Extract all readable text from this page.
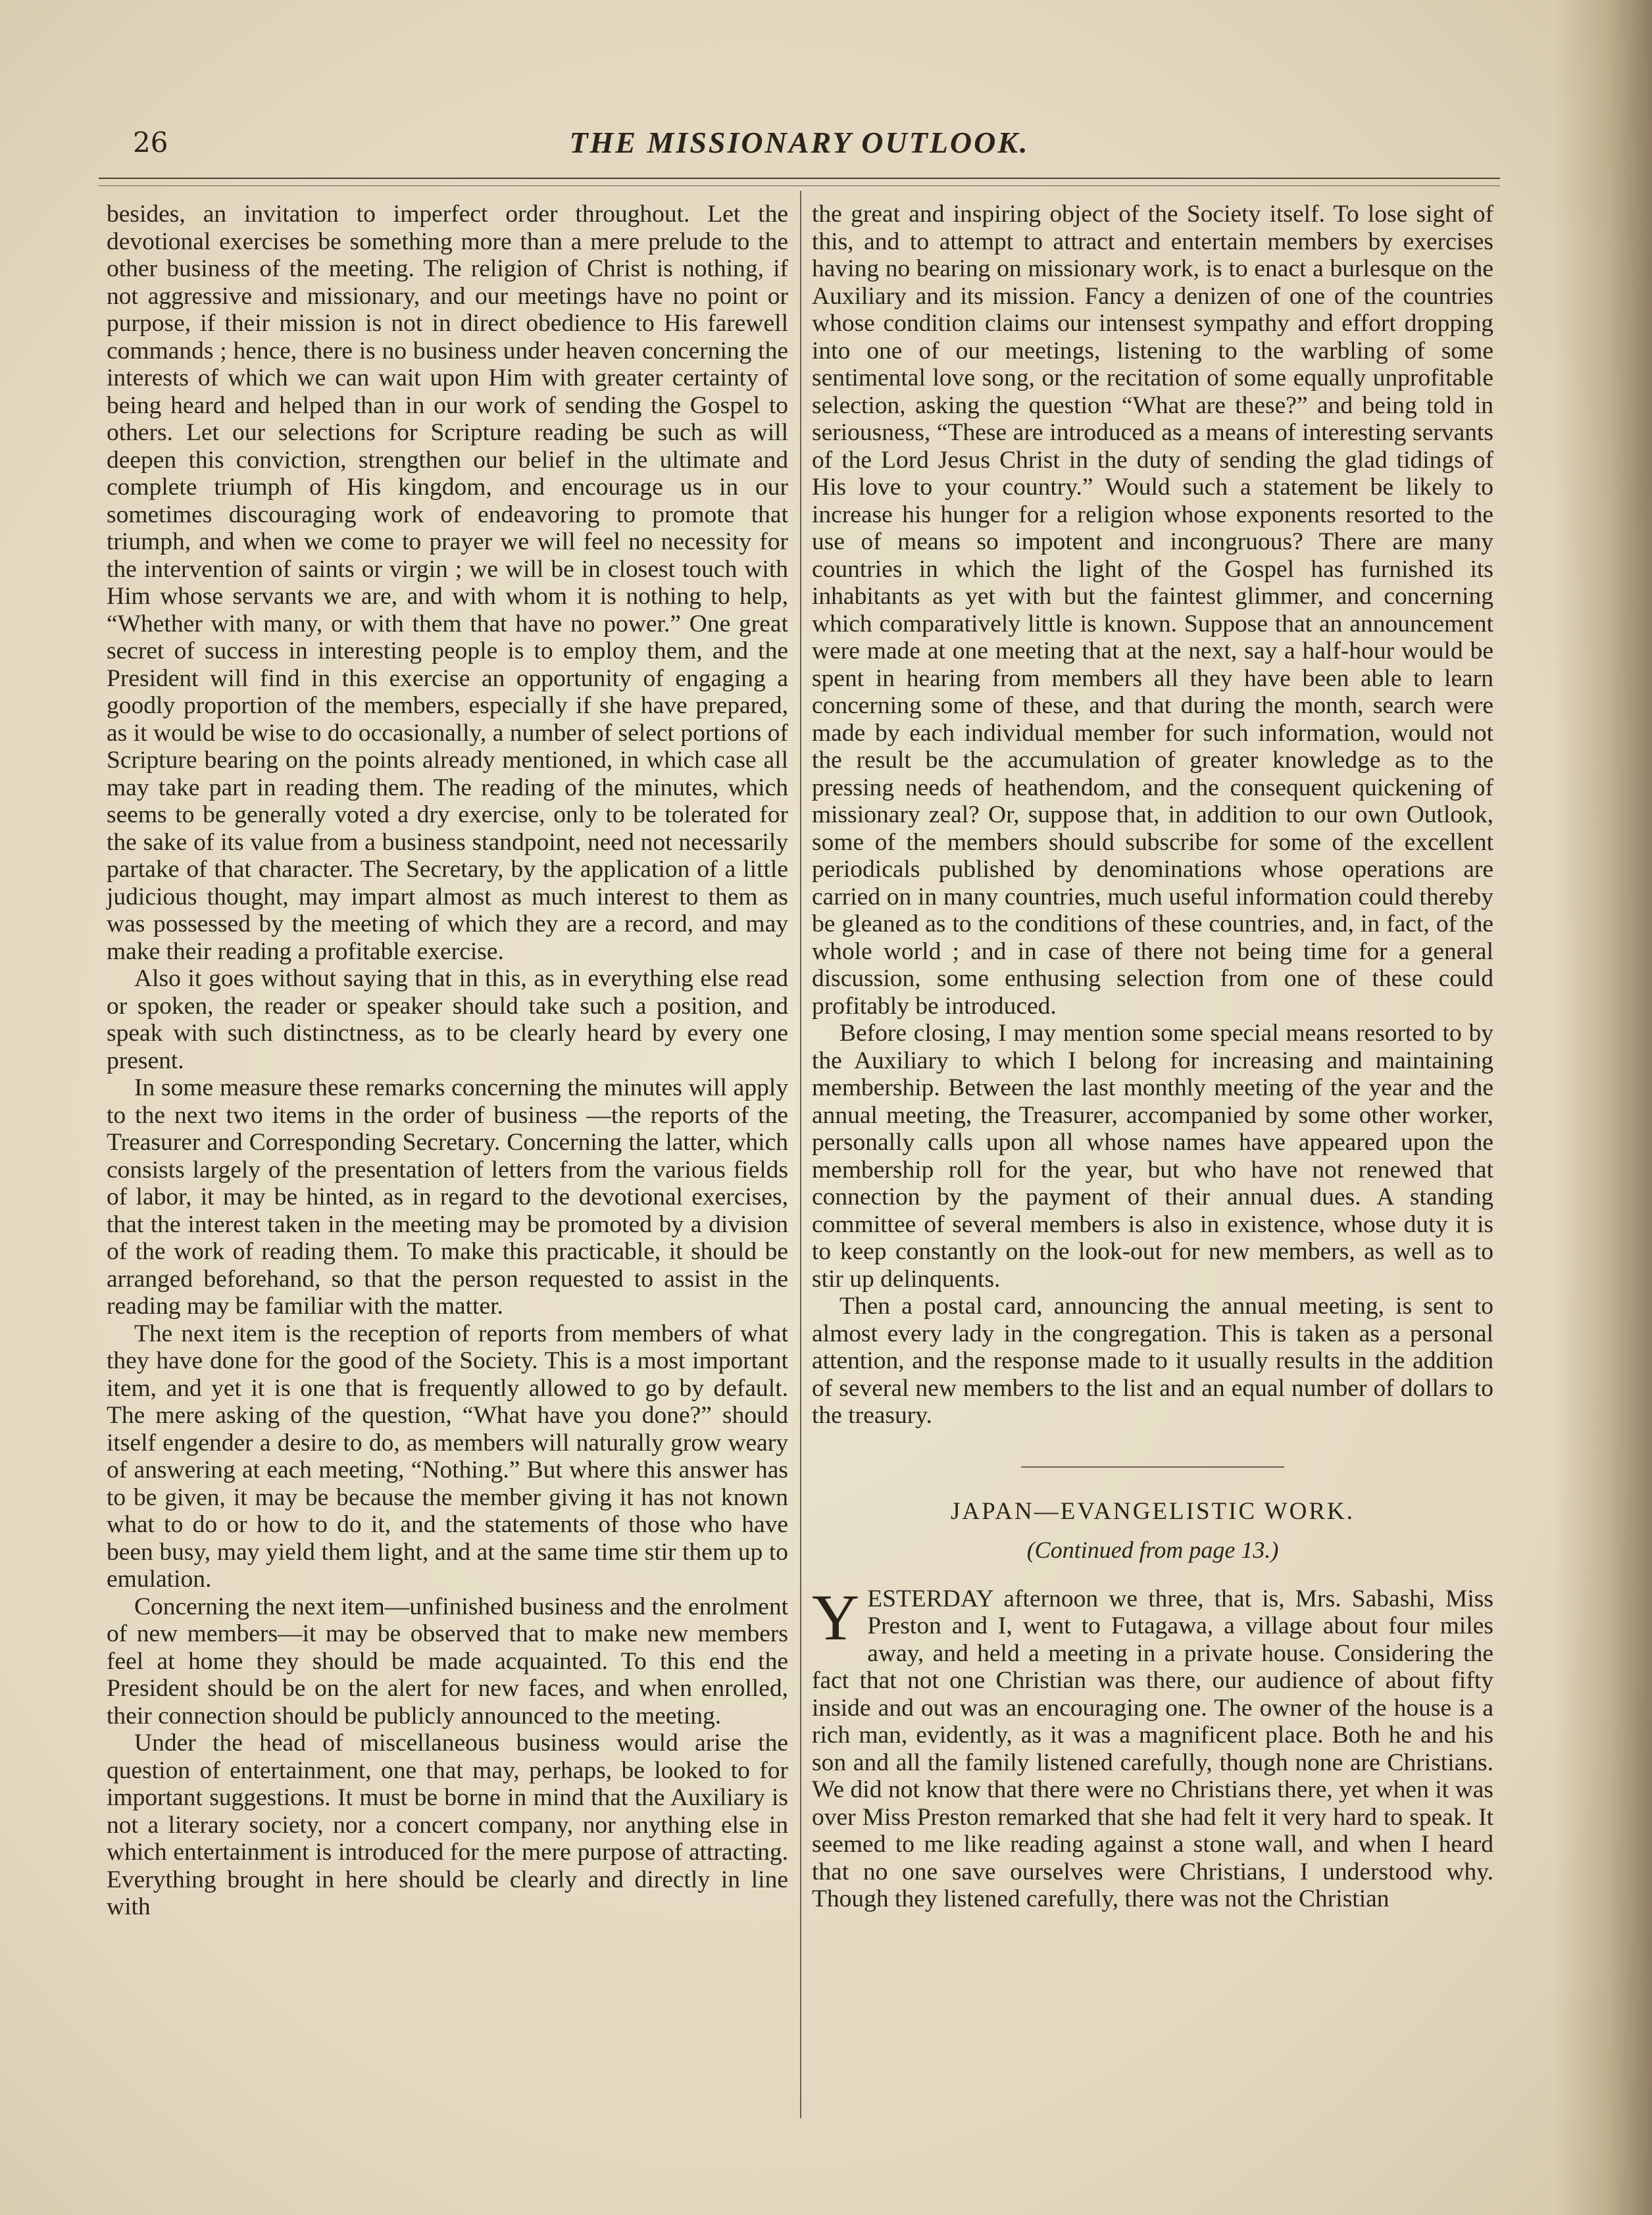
26	THE MISSIONARY OUTLOOK.

besides, an invitation to imperfect order throughout. Let the devotional exercises be something more than a mere prelude to the other business of the meeting. The religion of Christ is nothing, if not aggressive and missionary, and our meetings have no point or purpose, if their mission is not in direct obedience to His farewell commands ; hence, there is no business under heaven concerning the interests of which we can wait upon Him with greater certainty of being heard and helped than in our work of sending the Gospel to others. Let our selections for Scripture reading be such as will deepen this conviction, strengthen our belief in the ultimate and complete triumph of His kingdom, and encourage us in our sometimes discouraging work of endeavoring to promote that triumph, and when we come to prayer we will feel no necessity for the intervention of saints or virgin ; we will be in closest touch with Him whose servants we are, and with whom it is nothing to help, “Whether with many, or with them that have no power.” One great secret of success in interesting people is to employ them, and the President will find in this exercise an opportunity of engaging a goodly proportion of the members, especially if she have prepared, as it would be wise to do occasionally, a number of select portions of Scripture bearing on the points already mentioned, in which case all may take part in reading them. The reading of the minutes, which seems to be generally voted a dry exercise, only to be tolerated for the sake of its value from a business standpoint, need not necessarily partake of that character. The Secretary, by the application of a little judicious thought, may impart almost as much interest to them as was possessed by the meeting of which they are a record, and may make their reading a profitable exercise.

Also it goes without saying that in this, as in everything else read or spoken, the reader or speaker should take such a position, and speak with such distinctness, as to be clearly heard by every one present.

In some measure these remarks concerning the minutes will apply to the next two items in the order of business —the reports of the Treasurer and Corresponding Secretary. Concerning the latter, which consists largely of the presentation of letters from the various fields of labor, it may be hinted, as in regard to the devotional exercises, that the interest taken in the meeting may be promoted by a division of the work of reading them. To make this practicable, it should be arranged beforehand, so that the person requested to assist in the reading may be familiar with the matter.

The next item is the reception of reports from members of what they have done for the good of the Society. This is a most important item, and yet it is one that is frequently allowed to go by default. The mere asking of the question, “What have you done?” should itself engender a desire to do, as members will naturally grow weary of answering at each meeting, “Nothing.” But where this answer has to be given, it may be because the member giving it has not known what to do or how to do it, and the statements of those who have been busy, may yield them light, and at the same time stir them up to emulation.

Concerning the next item—unfinished business and the enrolment of new members—it may be observed that to make new members feel at home they should be made acquainted. To this end the President should be on the alert for new faces, and when enrolled, their connection should be publicly announced to the meeting.

Under the head of miscellaneous business would arise the question of entertainment, one that may, perhaps, be looked to for important suggestions. It must be borne in mind that the Auxiliary is not a literary society, nor a concert company, nor anything else in which entertainment is introduced for the mere purpose of attracting. Everything brought in here should be clearly and directly in line with

the great and inspiring object of the Society itself. To lose sight of this, and to attempt to attract and entertain members by exercises having no bearing on missionary work, is to enact a burlesque on the Auxiliary and its mission. Fancy a denizen of one of the countries whose condition claims our intensest sympathy and effort dropping into one of our meetings, listening to the warbling of some sentimental love song, or the recitation of some equally unprofitable selection, asking the question “What are these?” and being told in seriousness, “These are introduced as a means of interesting servants of the Lord Jesus Christ in the duty of sending the glad tidings of His love to your country.” Would such a statement be likely to increase his hunger for a religion whose exponents resorted to the use of means so impotent and incongruous? There are many countries in which the light of the Gospel has furnished its inhabitants as yet with but the faintest glimmer, and concerning which comparatively little is known. Suppose that an announcement were made at one meeting that at the next, say a half-hour would be spent in hearing from members all they have been able to learn concerning some of these, and that during the month, search were made by each individual member for such information, would not the result be the accumulation of greater knowledge as to the pressing needs of heathendom, and the consequent quickening of missionary zeal? Or, suppose that, in addition to our own Outlook, some of the members should subscribe for some of the excellent periodicals published by denominations whose operations are carried on in many countries, much useful information could thereby be gleaned as to the conditions of these countries, and, in fact, of the whole world ; and in case of there not being time for a general discussion, some enthusing selection from one of these could profitably be introduced.

Before closing, I may mention some special means resorted to by the Auxiliary to which I belong for increasing and maintaining membership. Between the last monthly meeting of the year and the annual meeting, the Treasurer, accompanied by some other worker, personally calls upon all whose names have appeared upon the membership roll for the year, but who have not renewed that connection by the payment of their annual dues. A standing committee of several members is also in existence, whose duty it is to keep constantly on the look-out for new members, as well as to stir up delinquents.

Then a postal card, announcing the annual meeting, is sent to almost every lady in the congregation. This is taken as a personal attention, and the response made to it usually results in the addition of several new members to the list and an equal number of dollars to the treasury.

JAPAN—EVANGELISTIC WORK.
(Continued from page 13.)

YESTERDAY afternoon we three, that is, Mrs. Sabashi, Miss Preston and I, went to Futagawa, a village about four miles away, and held a meeting in a private house. Considering the fact that not one Christian was there, our audience of about fifty inside and out was an encouraging one. The owner of the house is a rich man, evidently, as it was a magnificent place. Both he and his son and all the family listened carefully, though none are Christians. We did not know that there were no Christians there, yet when it was over Miss Preston remarked that she had felt it very hard to speak. It seemed to me like reading against a stone wall, and when I heard that no one save ourselves were Christians, I understood why. Though they listened carefully, there was not the Christian
